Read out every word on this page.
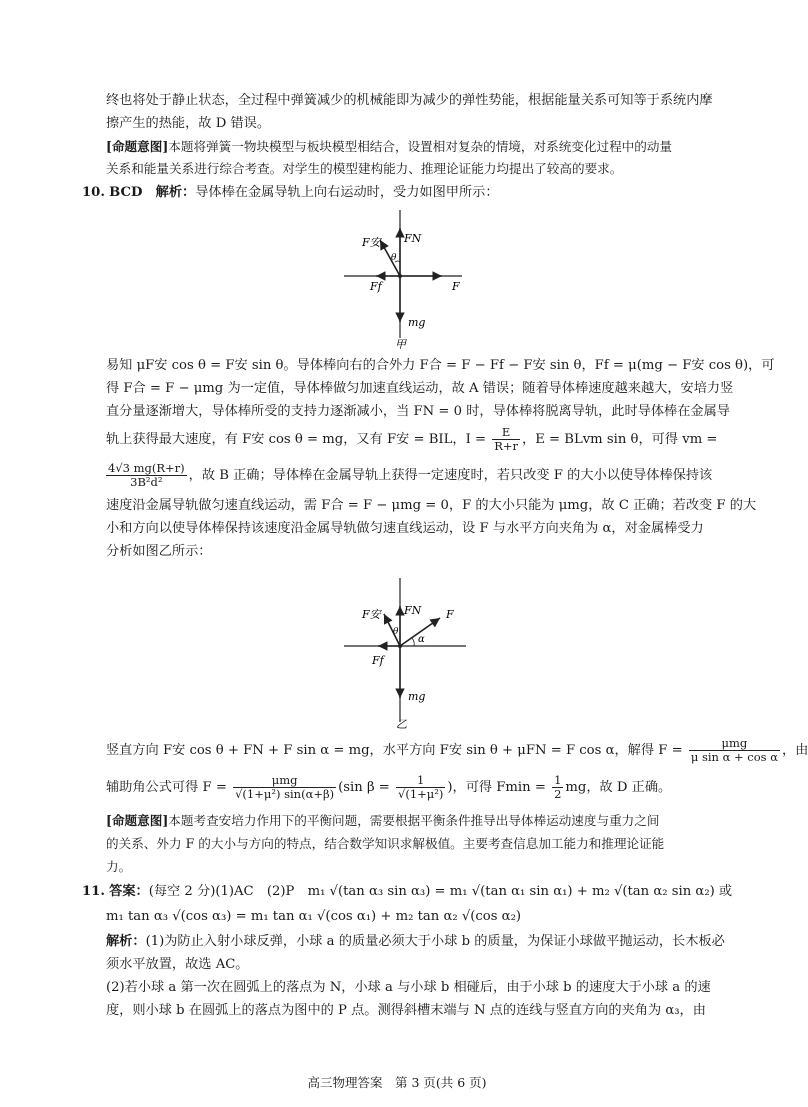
终也将处于静止状态，全过程中弹簧减少的机械能即为减少的弹性势能，根据能量关系可知等于系统内摩
擦产生的热能，故 D 错误。
[命题意图]本题将弹簧一物块模型与板块模型相结合，设置相对复杂的情境，对系统变化过程中的动量
关系和能量关系进行综合考查。对学生的模型建构能力、推理论证能力均提出了较高的要求。
10. BCD　 解析：导体棒在金属导轨上向右运动时，受力如图甲所示：
F安 FN
θ
Ff	F
mg
甲
易知 μF安 cos θ = F安 sin θ。导体棒向右的合外力 F合 = F − Ff − F安 sin θ，Ff = μ(mg − F安 cos θ)，可
得 F合 = F − μmg 为一定值，导体棒做匀加速直线运动，故 A 错误；随着导体棒速度越来越大，安培力竖
直分量逐渐增大，导体棒所受的支持力逐渐减小，当 FN = 0 时，导体棒将脱离导轨，此时导体棒在金属导
轨上获得最大速度，有 F安 cos θ = mg，又有 F安 = BIL，$I = \frac{E}{R+r}$ ，E = BLvm sin θ，可得 vm =
$\frac{4√3 mg(R+r)}{\text{3B²d²}}$ ，故 B 正确；导体棒在金属导轨上获得一定速度时，若只改变 F 的大小以使导体棒保持该
速度沿金属导轨做匀速直线运动，需 F合 = F − μmg = 0，F 的大小只能为 μmg，故 C 正确；若改变 F 的大
小和方向以使导体棒保持该速度沿金属导轨做匀速直线运动，设 F 与水平方向夹角为 α，对金属棒受力
分析如图乙所示：
F安 FN F
θ
α
Ff
mg
乙
竖直方向 F安 cos θ + FN + F sin α = mg，水平方向 F安 sin θ + μFN = F cos α，解得 $F = \frac{\text{μmg}}{\text{μ sin α + cos α}}$ ，由
辅助角公式可得 $F = \frac{\text{μmg}}{\text{√(1+μ²) sin(α+β)}} (\sin$ $\beta = \frac{1}{\text{√(1+μ²)}}$ )，可得 $Fmin = \frac{1}{2}$ mg，故 D 正确。
[命题意图]本题考查安培力作用下的平衡问题，需要根据平衡条件推导出导体棒运动速度与重力之间
的关系、外力 F 的大小与方向的特点，结合数学知识求解极值。主要考查信息加工能力和推理论证能
力。
11. 答案：(每空 2 分)(1)AC　(2)P　m₁ √(tan α₃ sin α₃) = m₁ √(tan α₁ sin α₁) + m₂ √(tan α₂ sin α₂) 或
m₁ tan α₃ √(cos α₃) = m₁ tan α₁ √(cos α₁) + m₂ tan α₂ √(cos α₂)
解析：(1)为防止入射小球反弹，小球 a 的质量必须大于小球 b 的质量，为保证小球做平抛运动，长木板必
须水平放置，故选 AC。
(2)若小球 a 第一次在圆弧上的落点为 N，小球 a 与小球 b 相碰后，由于小球 b 的速度大于小球 a 的速
度，则小球 b 在圆弧上的落点为图中的 P 点。测得斜槽末端与 N 点的连线与竖直方向的夹角为 α₃，由
高三物理答案　第 3 页(共 6 页)
